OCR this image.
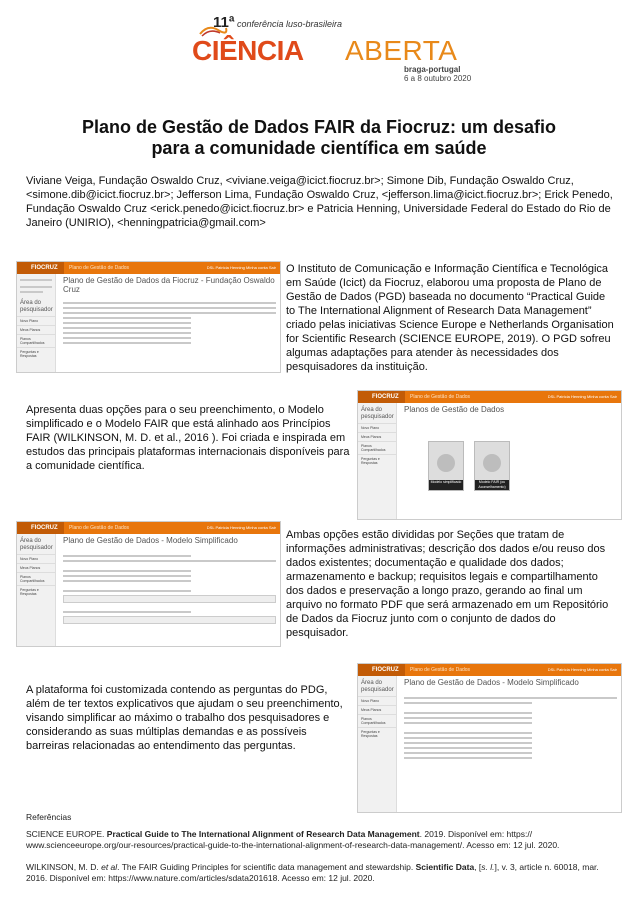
11ª conferência luso-brasileira
CIÊNCIA ABERTA
braga-portugal
6 a 8 outubro 2020
Plano de Gestão de Dados FAIR da Fiocruz: um desafio
para a comunidade científica em saúde
Viviane Veiga, Fundação Oswaldo Cruz, <viviane.veiga@icict.fiocruz.br>; Simone Dib, Fundação Oswaldo Cruz, <simone.dib@icict.fiocruz.br>; Jefferson Lima, Fundação Oswaldo Cruz, <jefferson.lima@icict.fiocruz.br>; Erick Penedo, Fundação Oswaldo Cruz <erick.penedo@icict.fiocruz.br> e Patricia Henning, Universidade Federal do Estado do Rio de Janeiro (UNIRIO), <henningpatricia@gmail.com>
FIOCRUZ	Plano de Gestão de Dados	DSL Patricia Henning Minha conta Sair
Área do pesquisador
Novo Plano
Meus Planos
Planos Compartilhados
Perguntas e Respostas
Plano de Gestão de Dados da Fiocruz - Fundação Oswaldo Cruz
O Instituto de Comunicação e Informação Científica e Tecnológica em Saúde (Icict) da Fiocruz, elaborou uma proposta de Plano de Gestão de Dados (PGD) baseada no documento “Practical Guide to The International Alignment of Research Data Management” criado pelas iniciativas Science Europe e Netherlands Organisation for Scientific Research (SCIENCE EUROPE, 2019). O PGD sofreu algumas adaptações para atender às necessidades dos pesquisadores da instituição.
Apresenta duas opções para o seu preenchimento, o Modelo simplificado e o Modelo FAIR que está alinhado aos Princípios FAIR (WILKINSON, M. D. et al., 2016 ). Foi criada e inspirada em estudos das principais plataformas internacionais disponíveis para a comunidade científica.
FIOCRUZ	Plano de Gestão de Dados	DSL Patricia Henning Minha conta Sair
Área do pesquisador
Novo Plano
Meus Planos
Planos Compartilhados
Perguntas e Respostas
Planos de Gestão de Dados
Modelo simplificado	Modelo FAIR (ou Aconselhamento)
FIOCRUZ	Plano de Gestão de Dados	DSL Patricia Henning Minha conta Sair
Área do pesquisador
Novo Plano
Meus Planos
Planos Compartilhados
Perguntas e Respostas
Plano de Gestão de Dados - Modelo Simplificado	Ambas opções estão divididas por Seções que tratam de informações administrativas; descrição dos dados e/ou reuso dos dados existentes; documentação e qualidade dos dados; armazenamento e backup; requisitos legais e compartilhamento dos dados e preservação a longo prazo, gerando ao final um arquivo no formato PDF que será armazenado em um Repositório de Dados da Fiocruz junto com o conjunto de dados do pesquisador.
A plataforma foi customizada contendo as perguntas do PDG, além de ter textos explicativos que ajudam o seu preenchimento, visando simplificar ao máximo o trabalho dos pesquisadores e considerando as suas múltiplas demandas e as possíveis barreiras relacionadas ao entendimento das perguntas.
FIOCRUZ	Plano de Gestão de Dados	DSL Patricia Henning Minha conta Sair
Área do pesquisador
Novo Plano
Meus Planos
Planos Compartilhados
Perguntas e Respostas
Plano de Gestão de Dados - Modelo Simplificado
Referências
SCIENCE EUROPE. Practical Guide to The International Alignment of Research Data Management. 2019. Disponível em: https:// www.scienceeurope.org/our-resources/practical-guide-to-the-international-alignment-of-research-data-management/. Acesso em: 12 jul. 2020.
WILKINSON, M. D. et al. The FAIR Guiding Principles for scientific data management and stewardship. Scientific Data, [s. l.], v. 3, article n. 60018, mar. 2016. Disponível em: https://www.nature.com/articles/sdata201618. Acesso em: 12 jul. 2020.
